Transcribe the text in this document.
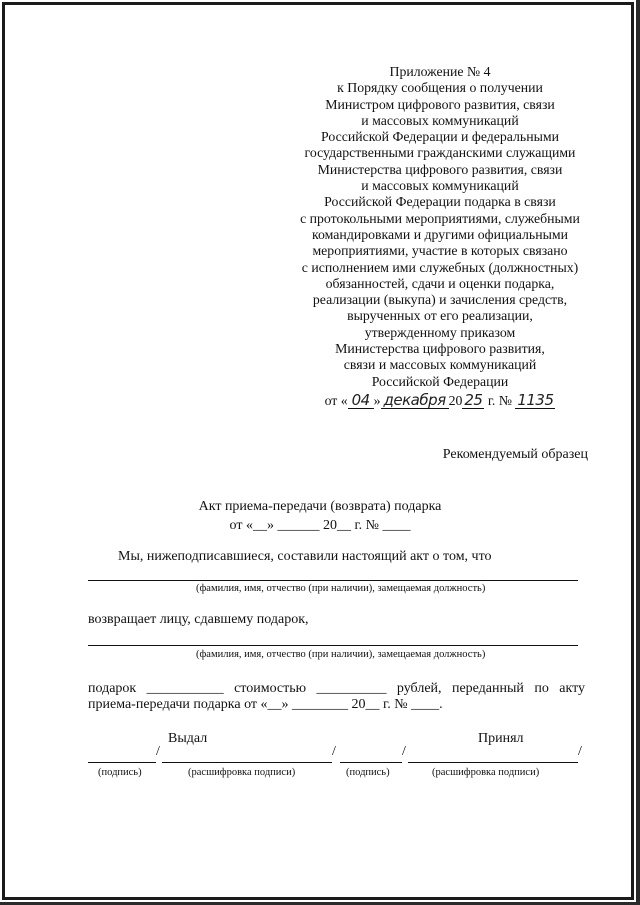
Приложение № 4
к Порядку сообщения о получении
Министром цифрового развития, связи
и массовых коммуникаций
Российской Федерации и федеральными
государственными гражданскими служащими
Министерства цифрового развития, связи
и массовых коммуникаций
Российской Федерации подарка в связи
с протокольными мероприятиями, служебными
командировками и другими официальными
мероприятиями, участие в которых связано
с исполнением ими служебных (должностных)
обязанностей, сдачи и оценки подарка,
реализации (выкупа) и зачисления средств,
вырученных от его реализации,
утвержденному приказом
Министерства цифрового развития,
связи и массовых коммуникаций
Российской Федерации
от « 04 » декабря 20 25 г. № 1135
Рекомендуемый образец
Акт приема-передачи (возврата) подарка
от «__» ______ 20__ г. № ____
Мы, нижеподписавшиеся, составили настоящий акт о том, что
(фамилия, имя, отчество (при наличии), замещаемая должность)
возвращает лицу, сдавшему подарок,
(фамилия, имя, отчество (при наличии), замещаемая должность)
подарок ___________ стоимостью __________ рублей, переданный по акту
приема-передачи подарка от «__» ________ 20__ г. № ____.
Выдал	Принял
/	/	/	/
(подпись)	(расшифровка подписи)	(подпись)	(расшифровка подписи)
